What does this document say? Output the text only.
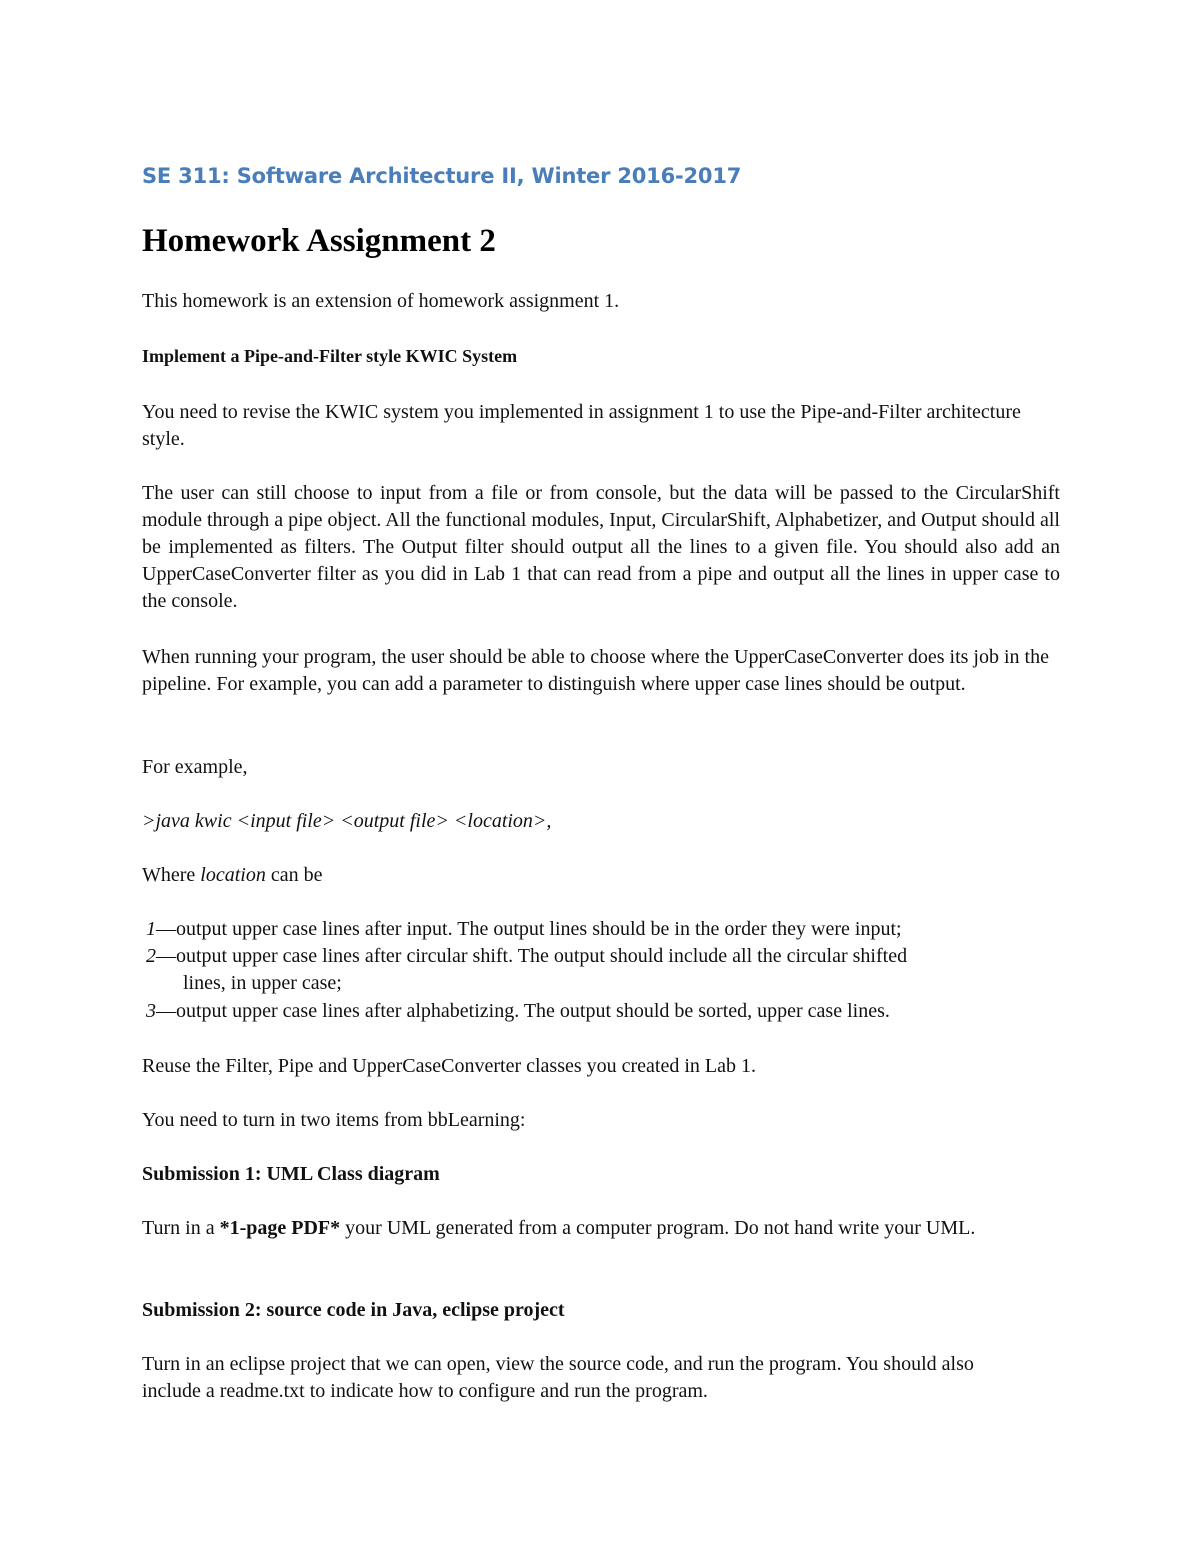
SE 311: Software Architecture II, Winter 2016-2017
Homework Assignment 2

This homework is an extension of homework assignment 1.

Implement a Pipe-and-Filter style KWIC System

You need to revise the KWIC system you implemented in assignment 1 to use the Pipe-and-Filter architecture style.

The user can still choose to input from a file or from console, but the data will be passed to the CircularShift module through a pipe object. All the functional modules, Input, CircularShift, Alphabetizer, and Output should all be implemented as filters. The Output filter should output all the lines to a given file. You should also add an UpperCaseConverter filter as you did in Lab 1 that can read from a pipe and output all the lines in upper case to the console.

When running your program, the user should be able to choose where the UpperCaseConverter does its job in the pipeline. For example, you can add a parameter to distinguish where upper case lines should be output.

For example,

>java kwic <input file> <output file> <location>,

Where location can be

1—output upper case lines after input. The output lines should be in the order they were input;
2—output upper case lines after circular shift. The output should include all the circular shifted
lines, in upper case;
3—output upper case lines after alphabetizing. The output should be sorted, upper case lines.

Reuse the Filter, Pipe and UpperCaseConverter classes you created in Lab 1.

You need to turn in two items from bbLearning:

Submission 1: UML Class diagram

Turn in a *1-page PDF* your UML generated from a computer program. Do not hand write your UML.

Submission 2: source code in Java, eclipse project

Turn in an eclipse project that we can open, view the source code, and run the program. You should also include a readme.txt to indicate how to configure and run the program.
